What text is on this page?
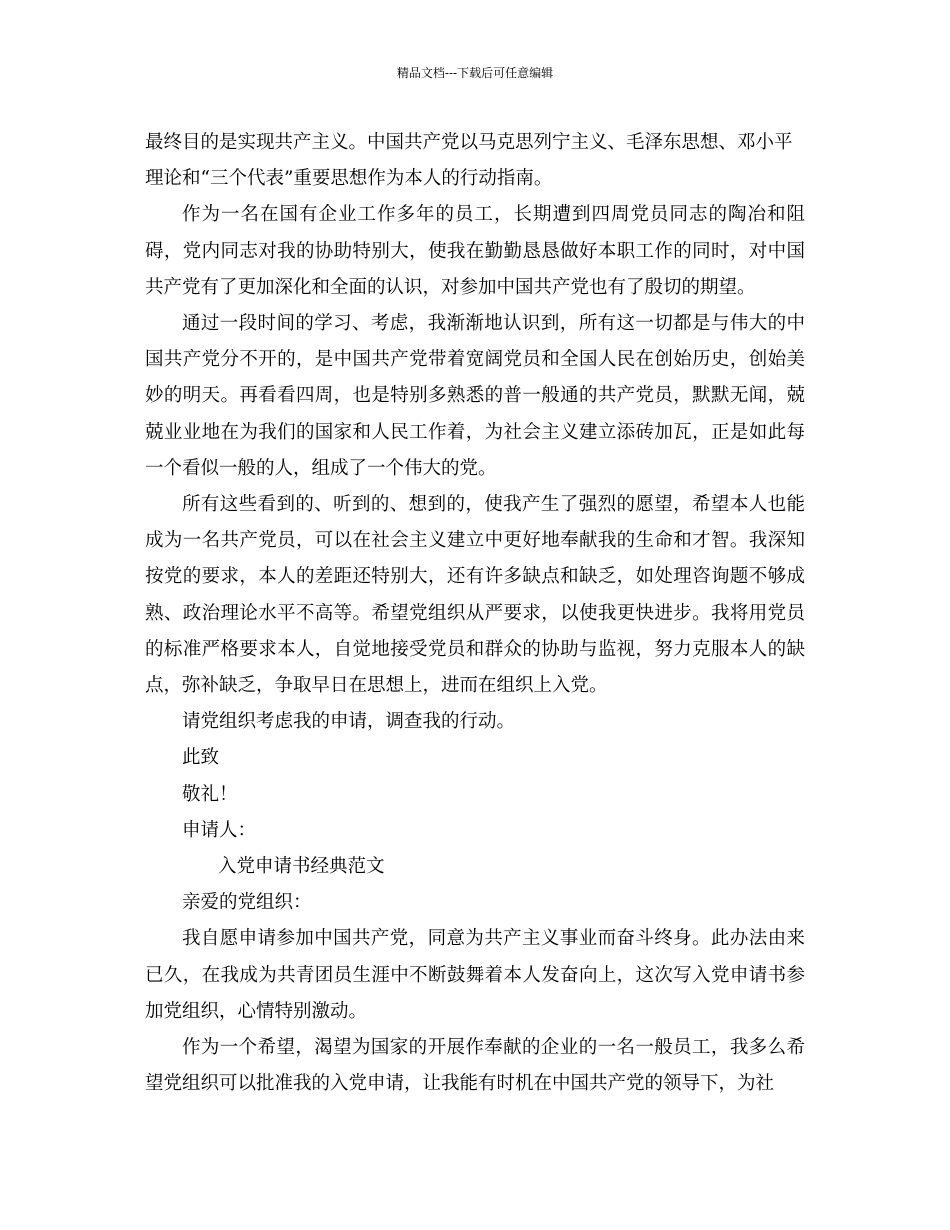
精品文档---下载后可任意编辑

最终目的是实现共产主义。中国共产党以马克思列宁主义、毛泽东思想、邓小平

理论和“三个代表”重要思想作为本人的行动指南。

作为一名在国有企业工作多年的员工，长期遭到四周党员同志的陶冶和阻碍，党内同志对我的协助特别大，使我在勤勤恳恳做好本职工作的同时，对中国共产党有了更加深化和全面的认识，对参加中国共产党也有了殷切的期望。

通过一段时间的学习、考虑，我渐渐地认识到，所有这一切都是与伟大的中国共产党分不开的，是中国共产党带着宽阔党员和全国人民在创始历史，创始美妙的明天。再看看四周，也是特别多熟悉的普一般通的共产党员，默默无闻，兢兢业业地在为我们的国家和人民工作着，为社会主义建立添砖加瓦，正是如此每一个看似一般的人，组成了一个伟大的党。

所有这些看到的、听到的、想到的，使我产生了强烈的愿望，希望本人也能成为一名共产党员，可以在社会主义建立中更好地奉献我的生命和才智。我深知按党的要求，本人的差距还特别大，还有许多缺点和缺乏，如处理咨询题不够成熟、政治理论水平不高等。希望党组织从严要求，以使我更快进步。我将用党员的标准严格要求本人，自觉地接受党员和群众的协助与监视，努力克服本人的缺点，弥补缺乏，争取早日在思想上，进而在组织上入党。

请党组织考虑我的申请，调查我的行动。

此致

敬礼！

申请人：

入党申请书经典范文

亲爱的党组织：

我自愿申请参加中国共产党，同意为共产主义事业而奋斗终身。此办法由来已久，在我成为共青团员生涯中不断鼓舞着本人发奋向上，这次写入党申请书参加党组织，心情特别激动。

作为一个希望，渴望为国家的开展作奉献的企业的一名一般员工，我多么希望党组织可以批准我的入党申请，让我能有时机在中国共产党的领导下，为社
